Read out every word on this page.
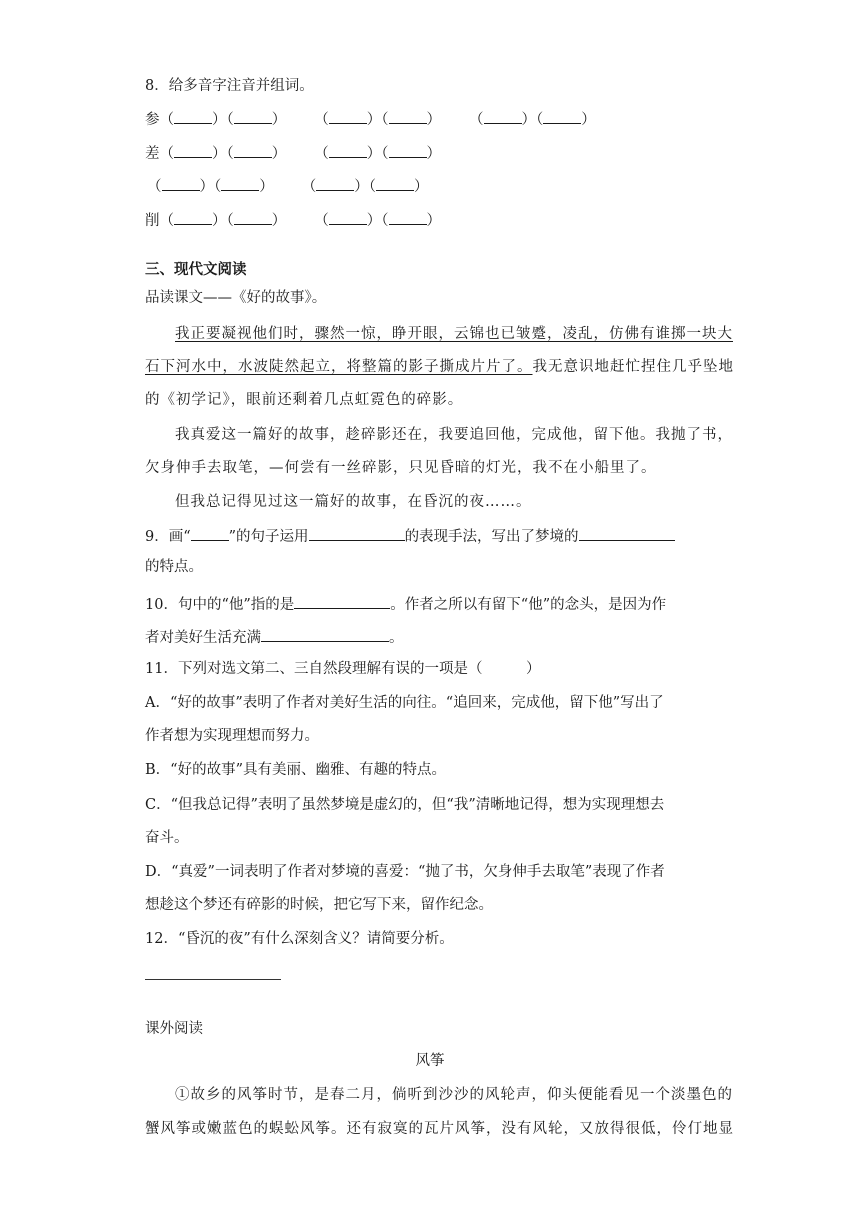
8．给多音字注音并组词。
参（	）（	） （	）（	） （	）（	）
差（	）（	） （	）（	）
（	）（	） （	）（	）
削（	）（	） （	）（	）
三、现代文阅读
品读课文——《好的故事》。
我正要凝视他们时，骤然一惊，睁开眼，云锦也已皱蹙，凌乱，仿佛有谁掷一块大
石下河水中，水波陡然起立，将整篇的影子撕成片片了。我无意识地赶忙捏住几乎坠地
的《初学记》，眼前还剩着几点虹霓色的碎影。
我真爱这一篇好的故事，趁碎影还在，我要追回他，完成他，留下他。我抛了书，
欠身伸手去取笔，—何尝有一丝碎影，只见昏暗的灯光，我不在小船里了。
但我总记得见过这一篇好的故事，在昏沉的夜……。
9．画“	”的句子运用	的表现手法，写出了梦境的
的特点。
10．句中的“他”指的是	。作者之所以有留下“他”的念头，是因为作
者对美好生活充满	。
11．下列对选文第二、三自然段理解有误的一项是（　　　）
A．“好的故事”表明了作者对美好生活的向往。“追回来，完成他，留下他”写出了
作者想为实现理想而努力。
B．“好的故事”具有美丽、幽雅、有趣的特点。
C．“但我总记得”表明了虽然梦境是虚幻的，但“我”清晰地记得，想为实现理想去
奋斗。
D．“真爱”一词表明了作者对梦境的喜爱：“抛了书，欠身伸手去取笔”表现了作者
想趁这个梦还有碎影的时候，把它写下来，留作纪念。
12．“昏沉的夜”有什么深刻含义？请简要分析。
课外阅读
风筝
①故乡的风筝时节，是春二月，倘听到沙沙的风轮声，仰头便能看见一个淡墨色的
蟹风筝或嫩蓝色的蜈蚣风筝。还有寂寞的瓦片风筝，没有风轮，又放得很低，伶仃地显
